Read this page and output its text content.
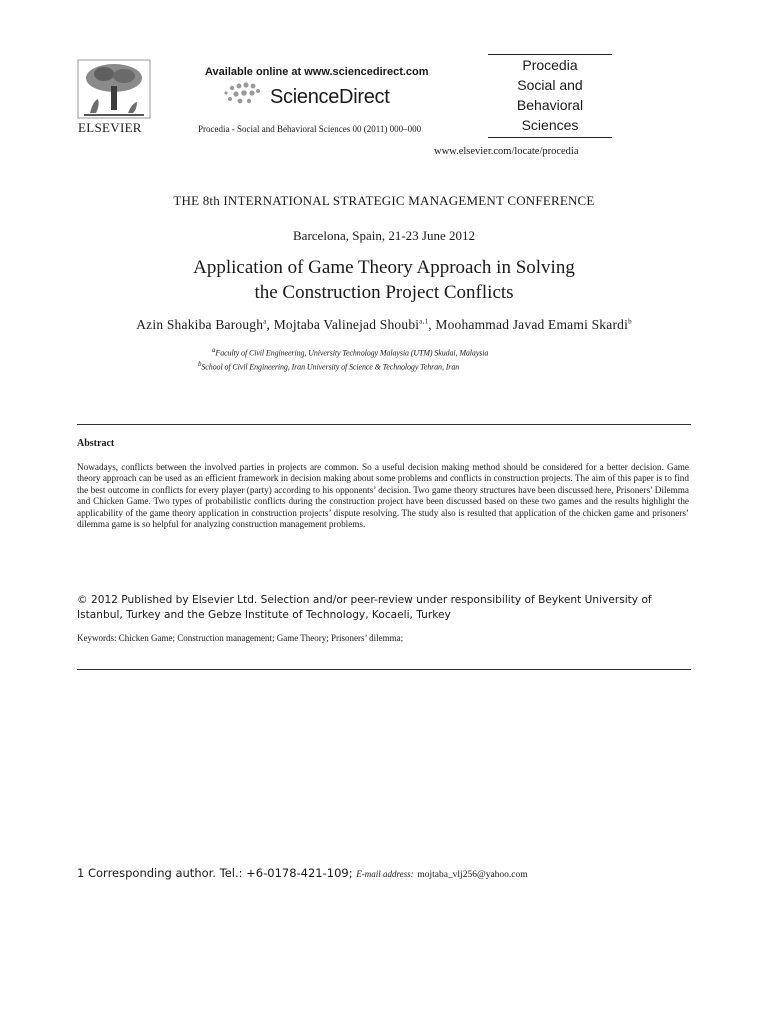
ELSEVIER
Available online at www.sciencedirect.com
ScienceDirect
Procedia - Social and Behavioral Sciences 00 (2011) 000–000
Procedia
Social and
Behavioral
Sciences
www.elsevier.com/locate/procedia
THE 8th INTERNATIONAL STRATEGIC MANAGEMENT CONFERENCE
Barcelona, Spain, 21-23 June 2012
Application of Game Theory Approach in Solving
the Construction Project Conflicts
Azin Shakiba Barough$^a$, Mojtaba Valinejad Shoubi$^{a,1}$, Moohammad Javad Emami Skardi$^b$
$^a$Faculty of Civil Engineering, University Technology Malaysia (UTM) Skudai, Malaysia
$^b$School of Civil Engineering, Iran University of Science & Technology Tehran, Iran
Abstract
Nowadays, conflicts between the involved parties in projects are common. So a useful decision making method should be considered for a better decision. Game theory approach can be used as an efficient framework in decision making about some problems and conflicts in construction projects. The aim of this paper is to find the best outcome in conflicts for every player (party) according to his opponents’ decision. Two game theory structures have been discussed here, Prisoners’ Dilemma and Chicken Game. Two types of probabilistic conflicts during the construction project have been discussed based on these two games and the results highlight the applicability of the game theory application in construction projects’ dispute resolving. The study also is resulted that application of the chicken game and prisoners’ dilemma game is so helpful for analyzing construction management problems.
© 2012 Published by Elsevier Ltd. Selection and/or peer-review under responsibility of Beykent University of Istanbul, Turkey and the Gebze Institute of Technology, Kocaeli, Turkey
Keywords: Chicken Game; Construction management; Game Theory; Prisoners’ dilemma;
1 Corresponding author. Tel.: +6-0178-421-109; E-mail address: mojtaba_vlj256@yahoo.com
